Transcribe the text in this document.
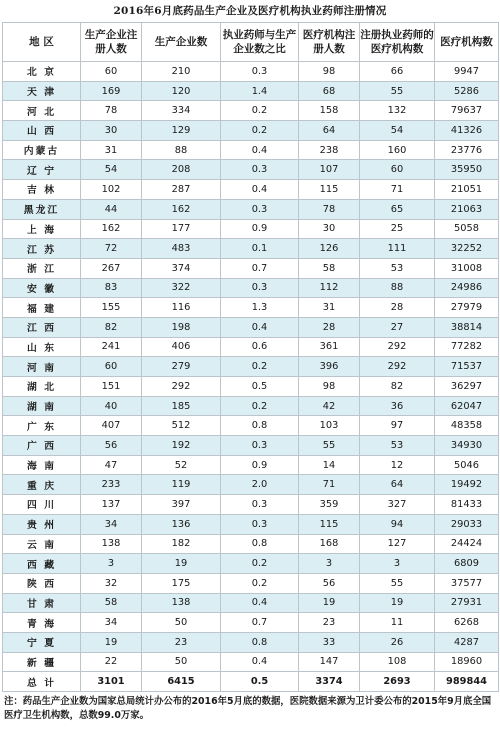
2016年6月底药品生产企业及医疗机构执业药师注册情况
地 区	生产企业注册人数	生产企业数	执业药师与生产企业数之比	医疗机构注册人数	注册执业药师的医疗机构数	医疗机构数
北 京	60	210	0.3	98	66	9947
天 津	169	120	1.4	68	55	5286
河 北	78	334	0.2	158	132	79637
山 西	30	129	0.2	64	54	41326
内蒙古	31	88	0.4	238	160	23776
辽 宁	54	208	0.3	107	60	35950
吉 林	102	287	0.4	115	71	21051
黑龙江	44	162	0.3	78	65	21063
上 海	162	177	0.9	30	25	5058
江 苏	72	483	0.1	126	111	32252
浙 江	267	374	0.7	58	53	31008
安 徽	83	322	0.3	112	88	24986
福 建	155	116	1.3	31	28	27979
江 西	82	198	0.4	28	27	38814
山 东	241	406	0.6	361	292	77282
河 南	60	279	0.2	396	292	71537
湖 北	151	292	0.5	98	82	36297
湖 南	40	185	0.2	42	36	62047
广 东	407	512	0.8	103	97	48358
广 西	56	192	0.3	55	53	34930
海 南	47	52	0.9	14	12	5046
重 庆	233	119	2.0	71	64	19492
四 川	137	397	0.3	359	327	81433
贵 州	34	136	0.3	115	94	29033
云 南	138	182	0.8	168	127	24424
西 藏	3	19	0.2	3	3	6809
陕 西	32	175	0.2	56	55	37577
甘 肃	58	138	0.4	19	19	27931
青 海	34	50	0.7	23	11	6268
宁 夏	19	23	0.8	33	26	4287
新 疆	22	50	0.4	147	108	18960
总 计	3101	6415	0.5	3374	2693	989844
注：药品生产企业数为国家总局统计办公布的2016年5月底的数据，医院数据来源为卫计委公布的2015年9月底全国医疗卫生机构数，总数99.0万家。
